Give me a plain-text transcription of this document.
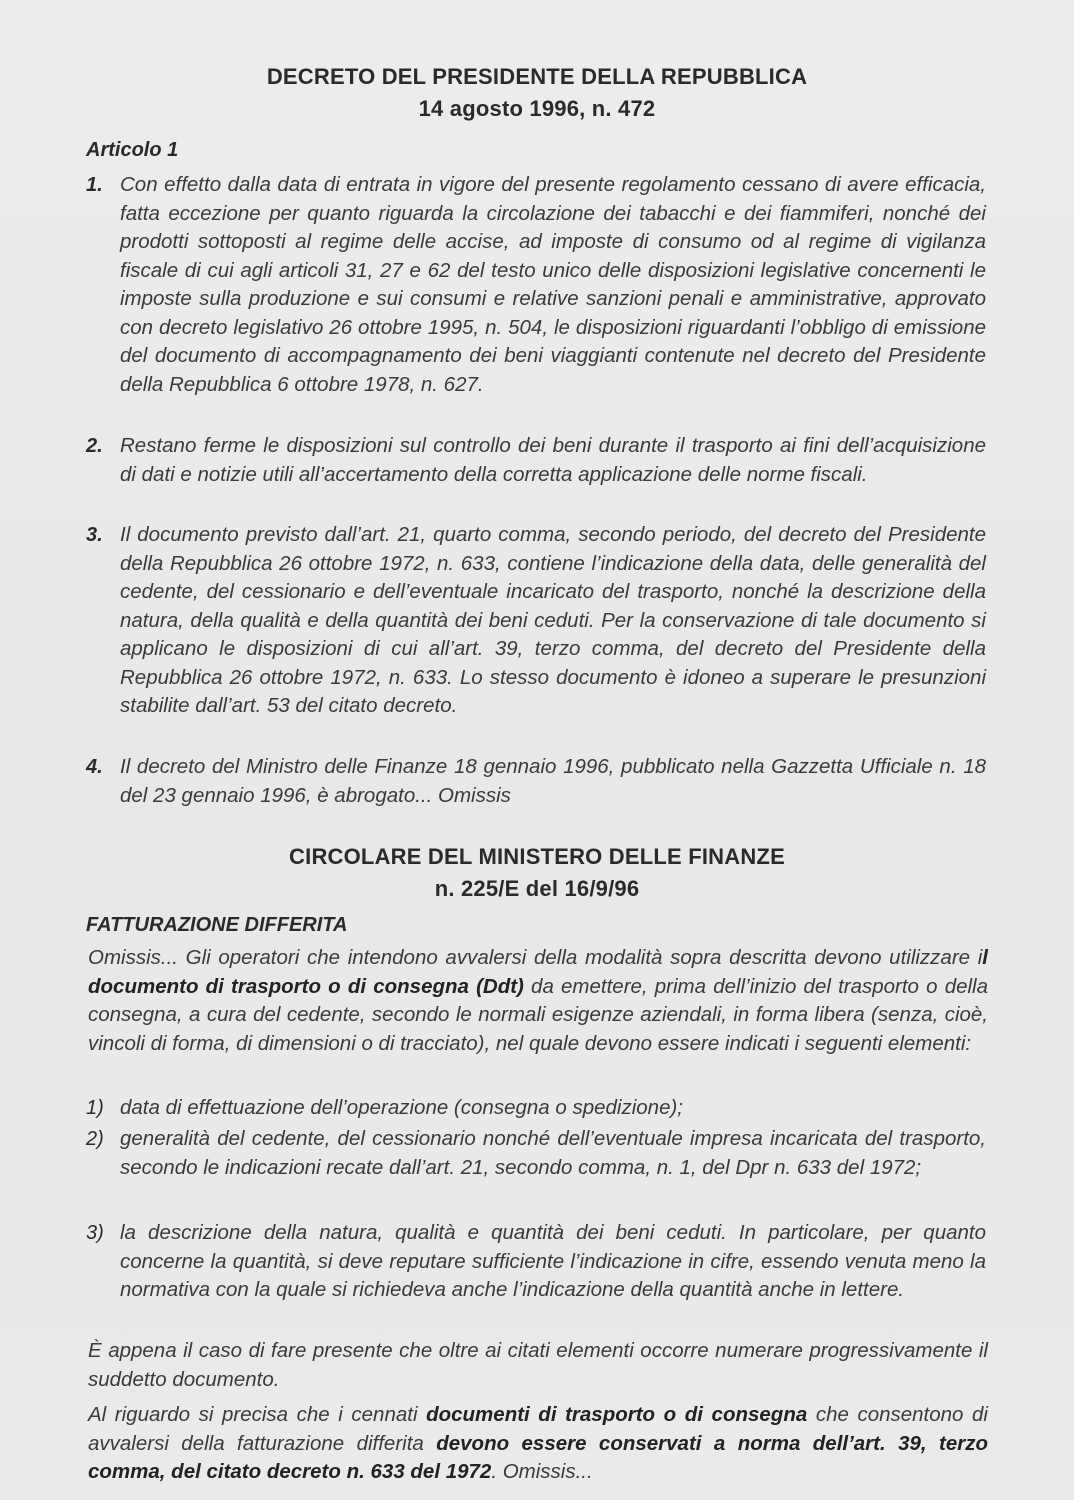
DECRETO DEL PRESIDENTE DELLA REPUBBLICA
14 agosto 1996, n. 472
Articolo 1
1. Con effetto dalla data di entrata in vigore del presente regolamento cessano di avere efficacia, fatta eccezione per quanto riguarda la circolazione dei tabacchi e dei fiammiferi, nonché dei prodotti sottoposti al regime delle accise, ad imposte di consumo od al regime di vigilanza fiscale di cui agli articoli 31, 27 e 62 del testo unico delle disposizioni legislative concernenti le imposte sulla produzione e sui consumi e relative sanzioni penali e amministrative, approvato con decreto legislativo 26 ottobre 1995, n. 504, le disposizioni riguardanti l’obbligo di emissione del documento di accompagnamento dei beni viaggianti contenute nel decreto del Presidente della Repubblica 6 ottobre 1978, n. 627.
2. Restano ferme le disposizioni sul controllo dei beni durante il trasporto ai fini dell’acquisizione di dati e notizie utili all’accertamento della corretta applicazione delle norme fiscali.
3. Il documento previsto dall’art. 21, quarto comma, secondo periodo, del decreto del Presidente della Repubblica 26 ottobre 1972, n. 633, contiene l’indicazione della data, delle generalità del cedente, del cessionario e dell’eventuale incaricato del trasporto, nonché la descrizione della natura, della qualità e della quantità dei beni ceduti. Per la conservazione di tale documento si applicano le disposizioni di cui all’art. 39, terzo comma, del decreto del Presidente della Repubblica 26 ottobre 1972, n. 633. Lo stesso documento è idoneo a superare le presunzioni stabilite dall’art. 53 del citato decreto.
4. Il decreto del Ministro delle Finanze 18 gennaio 1996, pubblicato nella Gazzetta Ufficiale n. 18 del 23 gennaio 1996, è abrogato... Omissis
CIRCOLARE DEL MINISTERO DELLE FINANZE
n. 225/E del 16/9/96
FATTURAZIONE DIFFERITA
Omissis... Gli operatori che intendono avvalersi della modalità sopra descritta devono utilizzare il documento di trasporto o di consegna (Ddt) da emettere, prima dell’inizio del trasporto o della consegna, a cura del cedente, secondo le normali esigenze aziendali, in forma libera (senza, cioè, vincoli di forma, di dimensioni o di tracciato), nel quale devono essere indicati i seguenti elementi:
1) data di effettuazione dell’operazione (consegna o spedizione);
2) generalità del cedente, del cessionario nonché dell’eventuale impresa incaricata del trasporto, secondo le indicazioni recate dall’art. 21, secondo comma, n. 1, del Dpr n. 633 del 1972;
3) la descrizione della natura, qualità e quantità dei beni ceduti. In particolare, per quanto concerne la quantità, si deve reputare sufficiente l’indicazione in cifre, essendo venuta meno la normativa con la quale si richiedeva anche l’indicazione della quantità anche in lettere.
È appena il caso di fare presente che oltre ai citati elementi occorre numerare progressivamente il suddetto documento.
Al riguardo si precisa che i cennati documenti di trasporto o di consegna che consentono di avvalersi della fatturazione differita devono essere conservati a norma dell’art. 39, terzo comma, del citato decreto n. 633 del 1972. Omissis...
